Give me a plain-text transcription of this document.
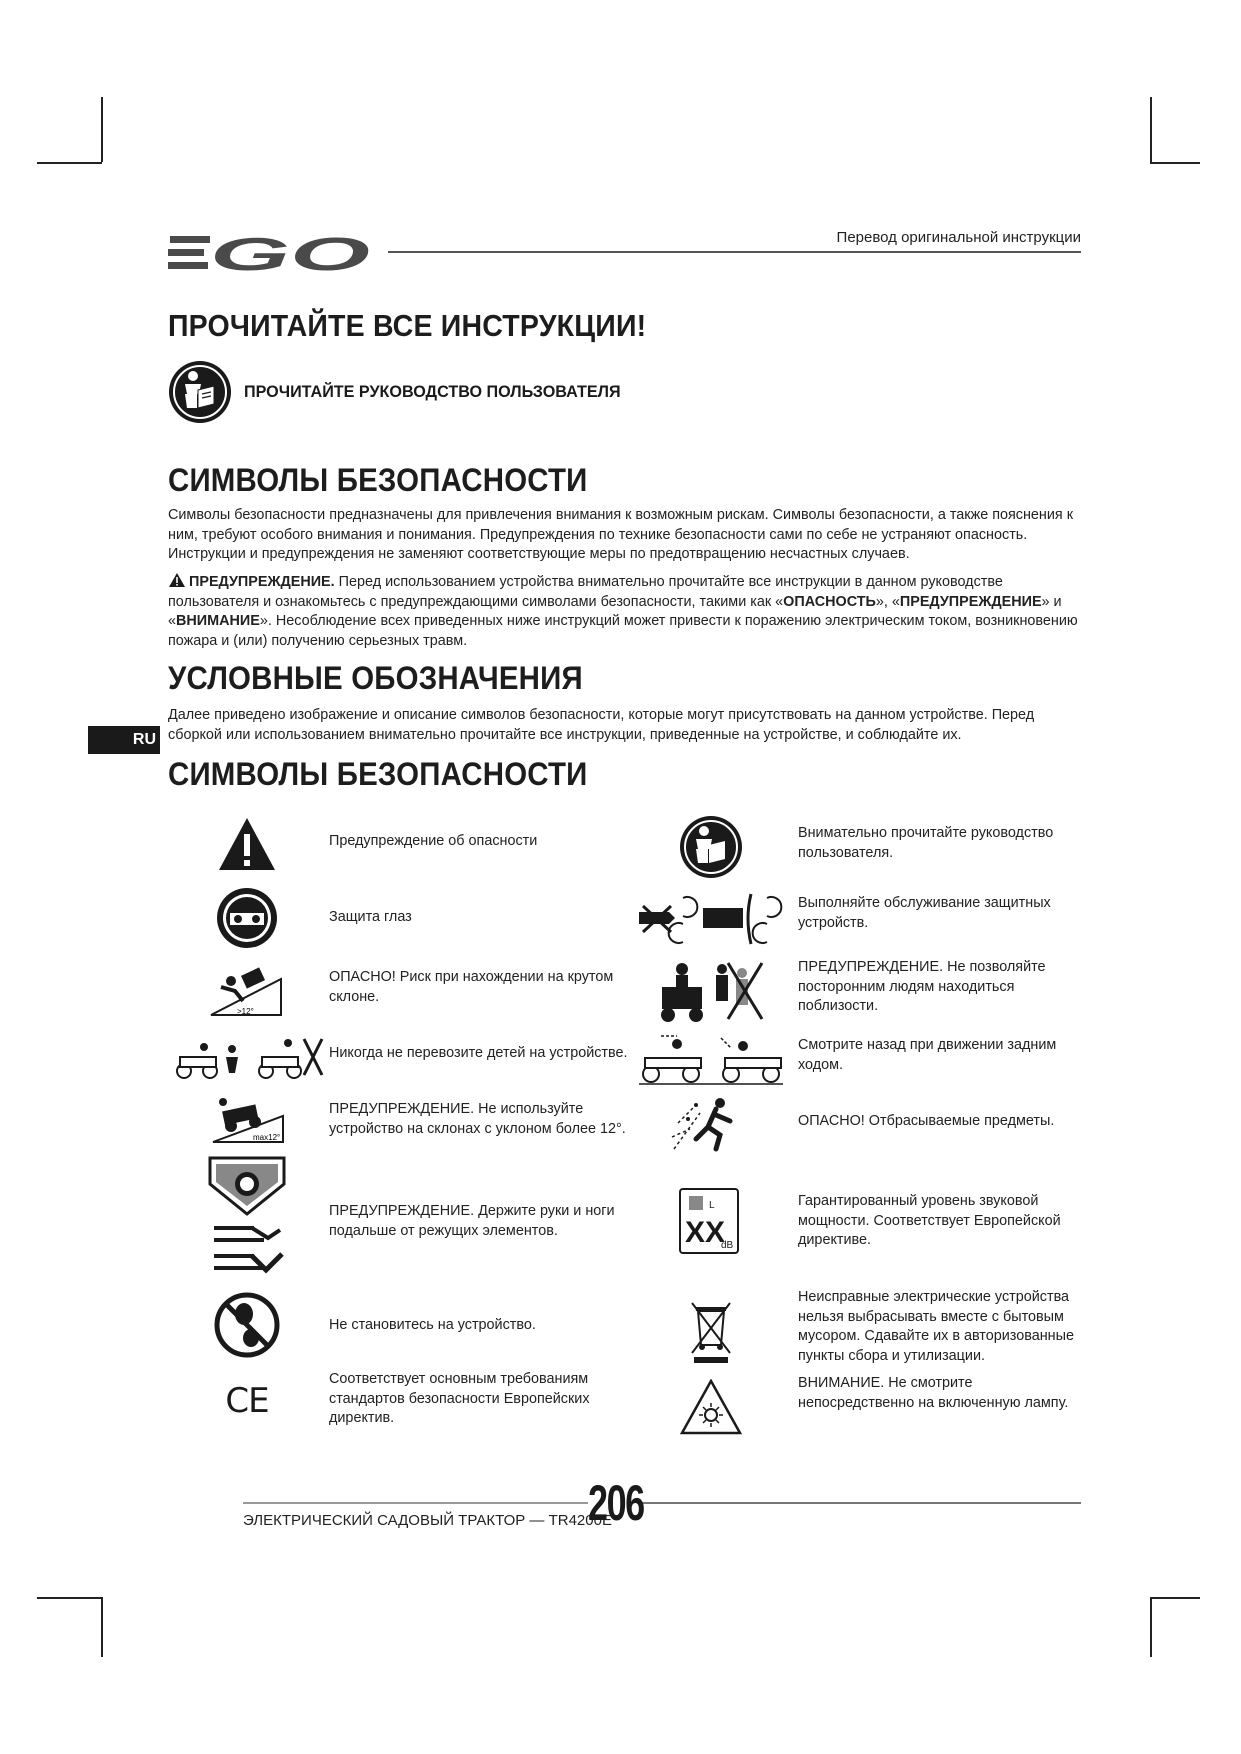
GO
EGO
Перевод оригинальной инструкции
ПРОЧИТАЙТЕ ВСЕ ИНСТРУКЦИИ!
ПРОЧИТАЙТЕ РУКОВОДСТВО ПОЛЬЗОВАТЕЛЯ
СИМВОЛЫ БЕЗОПАСНОСТИ
Символы безопасности предназначены для привлечения внимания к возможным рискам. Символы безопасности, а также пояснения к ним, требуют особого внимания и понимания. Предупреждения по технике безопасности сами по себе не устраняют опасность. Инструкции и предупреждения не заменяют соответствующие меры по предотвращению несчастных случаев.
ПРЕДУПРЕЖДЕНИЕ. Перед использованием устройства внимательно прочитайте все инструкции в данном руководстве пользователя и ознакомьтесь с предупреждающими символами безопасности, такими как «ОПАСНОСТЬ», «ПРЕДУПРЕЖДЕНИЕ» и «ВНИМАНИЕ». Несоблюдение всех приведенных ниже инструкций может привести к поражению электрическим током, возникновению пожара и (или) получению серьезных травм.
УСЛОВНЫЕ ОБОЗНАЧЕНИЯ
Далее приведено изображение и описание символов безопасности, которые могут присутствовать на данном устройстве. Перед сборкой или использованием внимательно прочитайте все инструкции, приведенные на устройстве, и соблюдайте их.
RU
СИМВОЛЫ БЕЗОПАСНОСТИ
Предупреждение об опасности
Защита глаз
>12°
ОПАСНО! Риск при нахождении на крутом склоне.
Никогда не перевозите детей на устройстве.
max12°
ПРЕДУПРЕЖДЕНИЕ. Не используйте устройство на склонах с уклоном более 12°.
ПРЕДУПРЕЖДЕНИЕ. Держите руки и ноги подальше от режущих элементов.
Не становитесь на устройство.
CE
Соответствует основным требованиям стандартов безопасности Европейских директив.
Внимательно прочитайте руководство пользователя.
Выполняйте обслуживание защитных устройств.
ПРЕДУПРЕЖДЕНИЕ. Не позволяйте посторонним людям находиться поблизости.
Смотрите назад при движении задним ходом.
ОПАСНО! Отбрасываемые предметы.
L
XX
dB
Гарантированный уровень звуковой мощности. Соответствует Европейской директиве.
Неисправные электрические устройства нельзя выбрасывать вместе с бытовым мусором. Сдавайте их в авторизованные пункты сбора и утилизации.
ВНИМАНИЕ. Не смотрите непосредственно на включенную лампу.
ЭЛЕКТРИЧЕСКИЙ САДОВЫЙ ТРАКТОР — TR4200E
206
